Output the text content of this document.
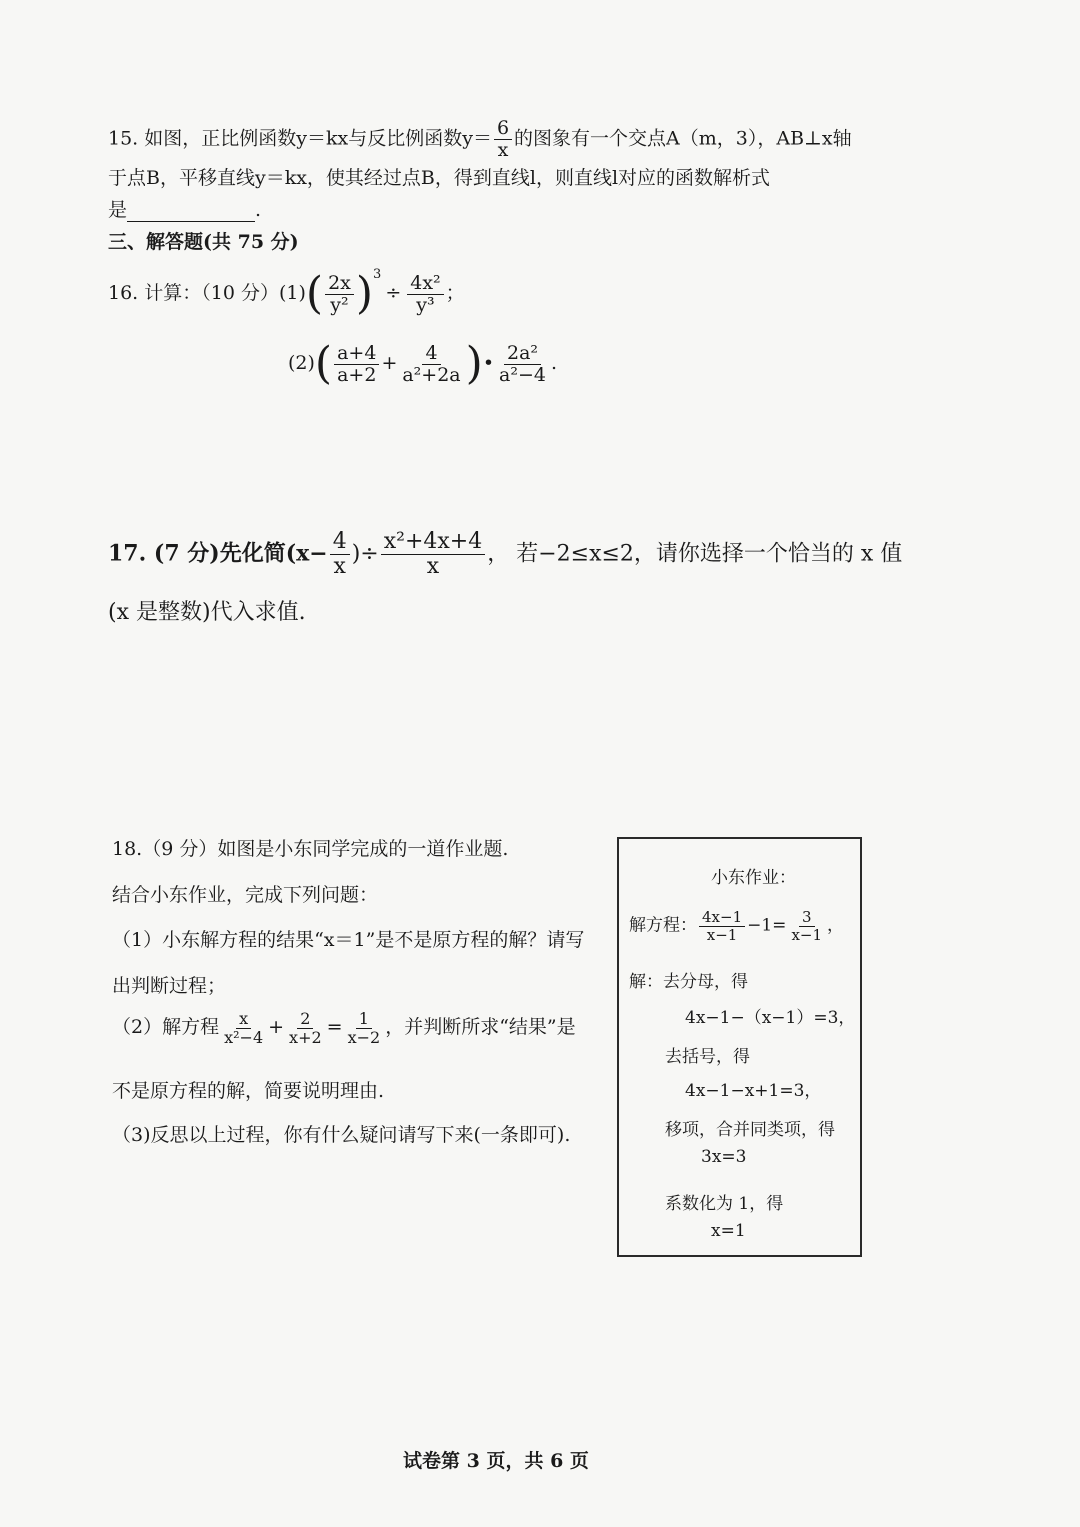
15. 如图，正比例函数y＝kx与反比例函数$y= \frac{6}{x}$ 的图象有一个交点A（m，3），AB⊥x轴
于点B，平移直线y＝kx，使其经过点B，得到直线l，则直线l对应的函数解析式
是	.
三、解答题(共 75 分)
16. 计算：（10 分）$(1)( \frac{2x}{\text{y²}} )^3\div \frac{\text{4x²}}{\text{y³}}$ ；
$(2)( \frac{a+4}{a+2} + \frac{4}{\text{a²+2a}}$ )• $\frac{\text{2a²}}{\text{a²−4}}$ .
17. (7 分)先化简($x- \frac{4}{x}$ )÷ $\frac{\text{x²+4x+4}}{x}$ ， 若−2≤x≤2，请你选择一个恰当的 x 值
(x 是整数)代入求值.
18.（9 分）如图是小东同学完成的一道作业题.
结合小东作业，完成下列问题：
（1）小东解方程的结果“x＝1”是不是原方程的解？请写
出判断过程；
（2）解方程 $\frac{x}{\text{x²−4}} + \frac{2}{x+2} = \frac{1}{x-2}$ ，并判断所求“结果”是
不是原方程的解，简要说明理由.
（3)反思以上过程，你有什么疑问请写下来(一条即可).
小东作业：
解方程： $\frac{4x-1}{x-1} -1= \frac{3}{x-1}$ ，
解：去分母，得
4x−1−（x−1）=3，
去括号，得
4x−1−x+1=3，
移项，合并同类项，得
3x=3
系数化为 1，得
x=1
试卷第 3 页，共 6 页
